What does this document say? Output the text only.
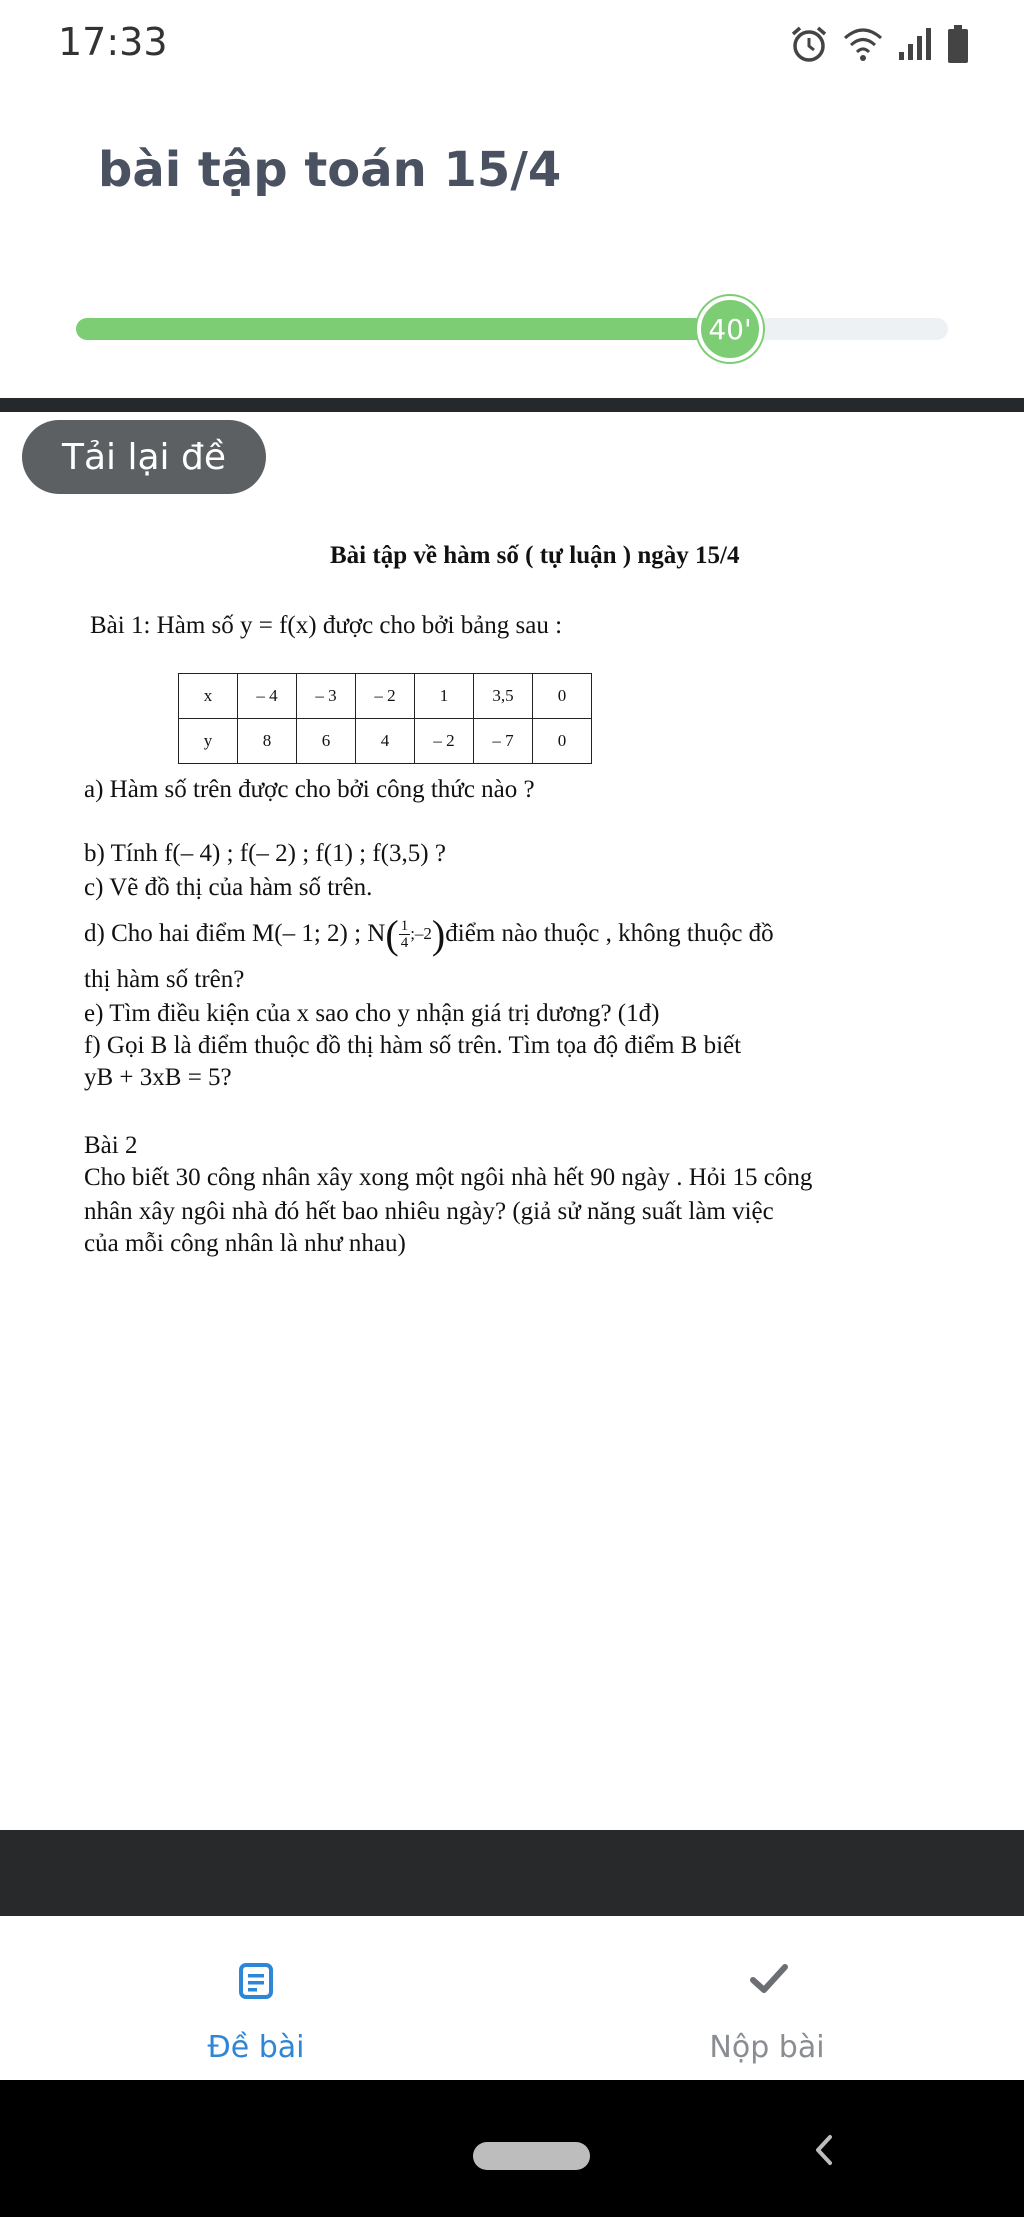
17:33
bài tập toán 15/4
40'
Tải lại đề
Bài tập về hàm số ( tự luận ) ngày 15/4
Bài 1: Hàm số y = f(x) được cho bởi bảng sau :
x	– 4	– 3	– 2	1	3,5	0
y	8	6	4	– 2	– 7	0
a) Hàm số trên được cho bởi công thức nào ?
b) Tính f(– 4) ; f(– 2) ; f(1) ; f(3,5) ?
c) Vẽ đồ thị của hàm số trên.
d) Cho hai điểm M(– 1; 2) ; N ( $\frac{1}{4}$ ;–2 ) điểm nào thuộc , không thuộc đồ
thị hàm số trên?
e) Tìm điều kiện của x sao cho y nhận giá trị dương? (1đ)
f) Gọi B là điểm thuộc đồ thị hàm số trên. Tìm tọa độ điểm B biết
yB + 3xB = 5?
Bài 2
Cho biết 30 công nhân xây xong một ngôi nhà hết 90 ngày . Hỏi 15 công
nhân xây ngôi nhà đó hết bao nhiêu ngày? (giả sử năng suất làm việc
của mỗi công nhân là như nhau)
Đề bài	Nộp bài
